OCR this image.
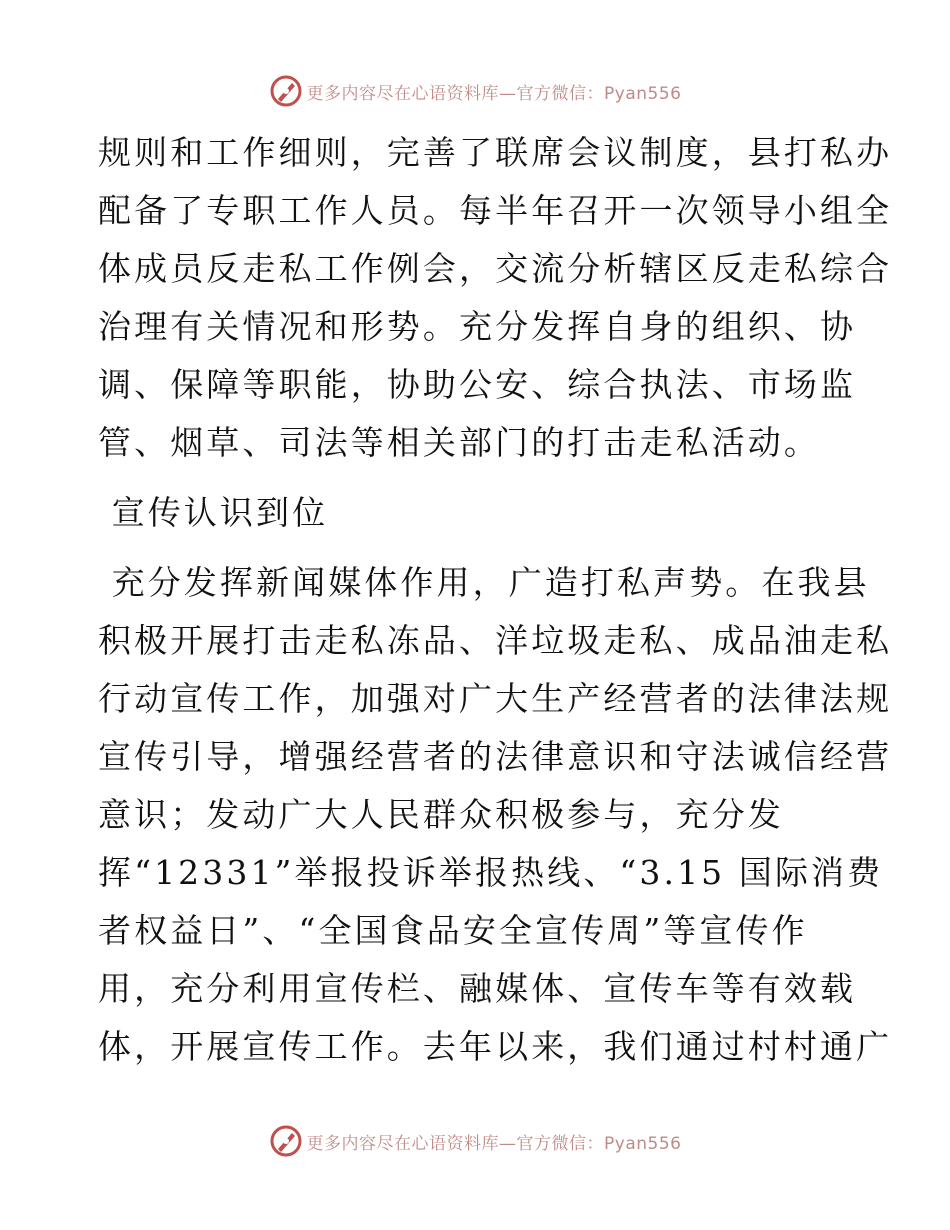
更多内容尽在心语资料库—官方微信：Pyan556
规则和工作细则，完善了联席会议制度，县打私办
配备了专职工作人员。每半年召开一次领导小组全
体成员反走私工作例会，交流分析辖区反走私综合
治理有关情况和形势。充分发挥自身的组织、协
调、保障等职能，协助公安、综合执法、市场监
管、烟草、司法等相关部门的打击走私活动。
宣传认识到位
充分发挥新闻媒体作用，广造打私声势。在我县
积极开展打击走私冻品、洋垃圾走私、成品油走私
行动宣传工作，加强对广大生产经营者的法律法规
宣传引导，增强经营者的法律意识和守法诚信经营
意识；发动广大人民群众积极参与，充分发
挥“12331”举报投诉举报热线、“3.15 国际消费
者权益日”、“全国食品安全宣传周”等宣传作
用，充分利用宣传栏、融媒体、宣传车等有效载
体，开展宣传工作。去年以来，我们通过村村通广
更多内容尽在心语资料库—官方微信：Pyan556
